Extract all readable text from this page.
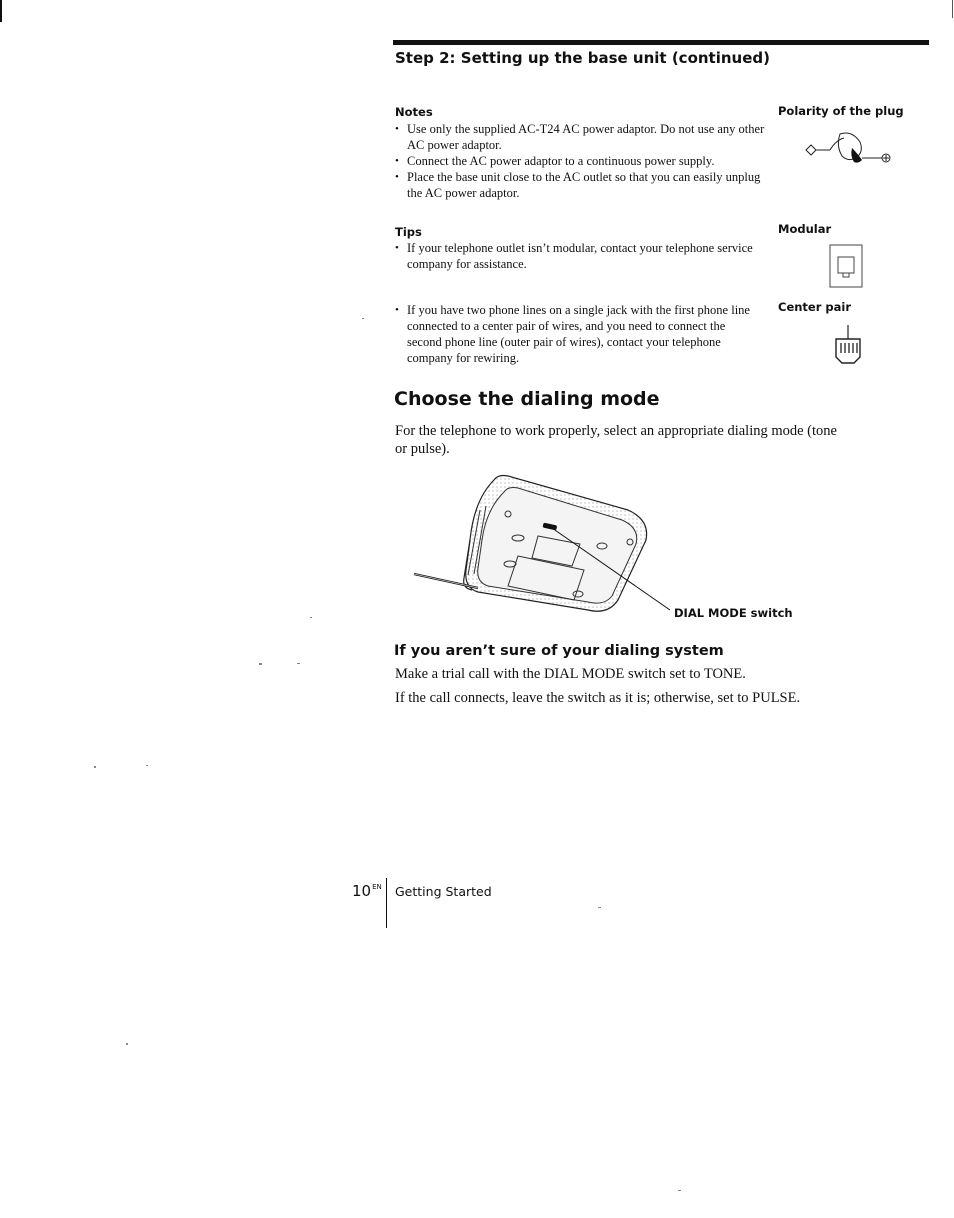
Step 2: Setting up the base unit (continued)
Notes
• Use only the supplied AC-T24 AC power adaptor. Do not use any other AC power adaptor.
• Connect the AC power adaptor to a continuous power supply.
• Place the base unit close to the AC outlet so that you can easily unplug the AC power adaptor.
Tips
• If your telephone outlet isn’t modular, contact your telephone service company for assistance.
• If you have two phone lines on a single jack with the first phone line connected to a center pair of wires, and you need to connect the second phone line (outer pair of wires), contact your telephone company for rewiring.
Polarity of the plug
Modular
Center pair
Choose the dialing mode
For the telephone to work properly, select an appropriate dialing mode (tone or pulse).
DIAL MODE switch
If you aren’t sure of your dialing system
Make a trial call with the DIAL MODE switch set to TONE.
If the call connects, leave the switch as it is; otherwise, set to PULSE.
$10^{EN}$ Getting Started
